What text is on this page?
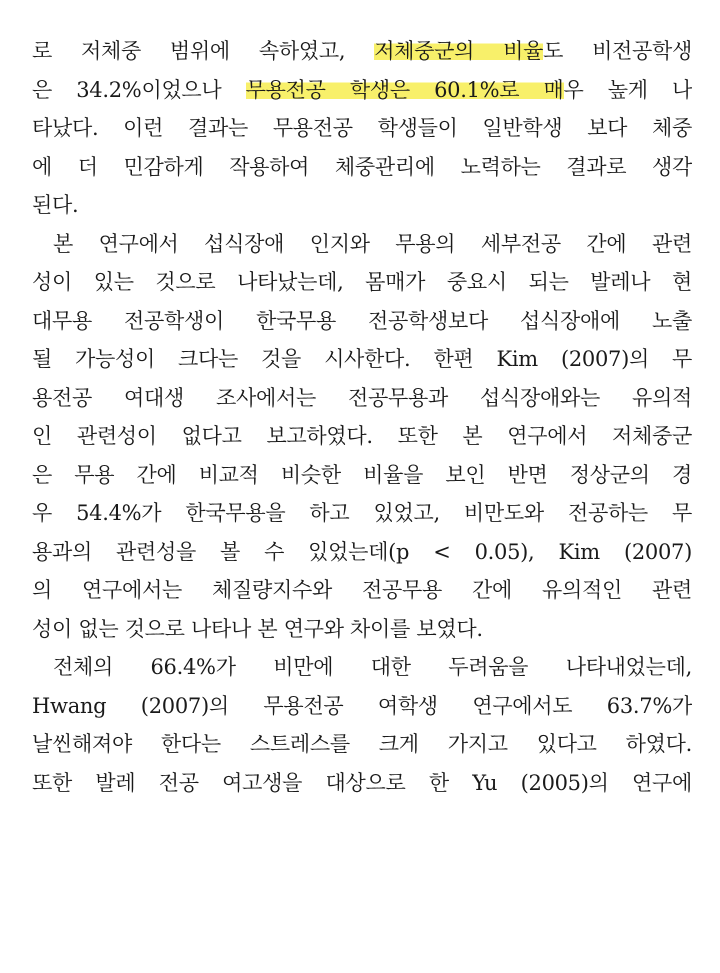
로 저체중 범위에 속하였고, 저체중군의 비율도 비전공학생
은 34.2%이었으나 무용전공 학생은 60.1%로 매우 높게 나
타났다. 이런 결과는 무용전공 학생들이 일반학생 보다 체중
에 더 민감하게 작용하여 체중관리에 노력하는 결과로 생각
된다.
본 연구에서 섭식장애 인지와 무용의 세부전공 간에 관련
성이 있는 것으로 나타났는데, 몸매가 중요시 되는 발레나 현
대무용 전공학생이 한국무용 전공학생보다 섭식장애에 노출
될 가능성이 크다는 것을 시사한다. 한편 Kim (2007)의 무
용전공 여대생 조사에서는 전공무용과 섭식장애와는 유의적
인 관련성이 없다고 보고하였다. 또한 본 연구에서 저체중군
은 무용 간에 비교적 비슷한 비율을 보인 반면 정상군의 경
우 54.4%가 한국무용을 하고 있었고, 비만도와 전공하는 무
용과의 관련성을 볼 수 있었는데(p < 0.05), Kim (2007)
의 연구에서는 체질량지수와 전공무용 간에 유의적인 관련
성이 없는 것으로 나타나 본 연구와 차이를 보였다.
전체의 66.4%가 비만에 대한 두려움을 나타내었는데,
Hwang (2007)의 무용전공 여학생 연구에서도 63.7%가
날씬해져야 한다는 스트레스를 크게 가지고 있다고 하였다.
또한 발레 전공 여고생을 대상으로 한 Yu (2005)의 연구에
